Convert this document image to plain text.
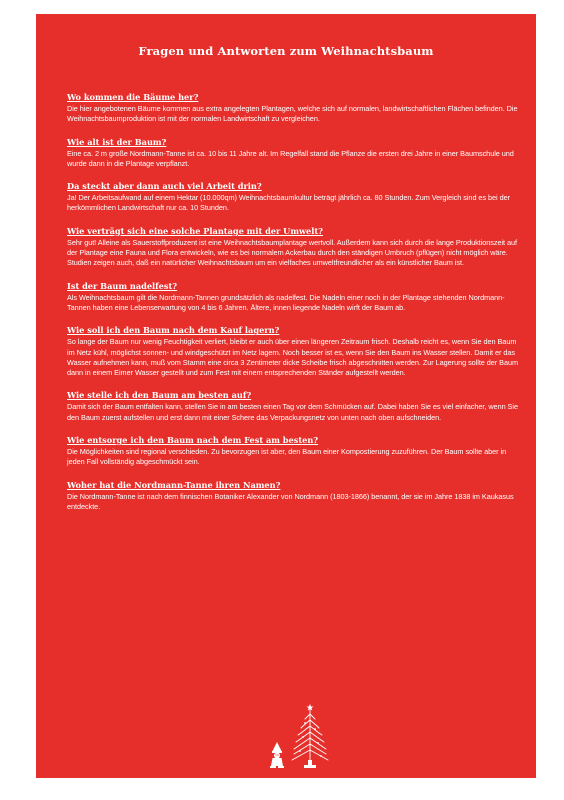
Fragen und Antworten zum Weihnachtsbaum
Wo kommen die Bäume her?

Die hier angebotenen Bäume kommen aus extra angelegten Plantagen, welche sich auf normalen, landwirtschaftlichen Flächen befinden. Die Weihnachtsbaumproduktion ist mit der normalen Landwirtschaft zu vergleichen.

Wie alt ist der Baum?

Eine ca. 2 m große Nordmann-Tanne ist ca. 10 bis 11 Jahre alt. Im Regelfall stand die Pflanze die ersten drei Jahre in einer Baumschule und wurde dann in die Plantage verpflanzt.

Da steckt aber dann auch viel Arbeit drin?

Ja! Der Arbeitsaufwand auf einem Hektar (10.000qm) Weihnachtsbaumkultur beträgt jährlich ca. 80 Stunden. Zum Vergleich sind es bei der herkömmlichen Landwirtschaft nur ca. 10 Stunden.

Wie verträgt sich eine solche Plantage mit der Umwelt?

Sehr gut! Alleine als Sauerstoffproduzent ist eine Weihnachtsbaumplantage wertvoll. Außerdem kann sich durch die lange Produktionszeit auf der Plantage eine Fauna und Flora entwickeln, wie es bei normalem Ackerbau durch den ständigen Umbruch (pflügen) nicht möglich wäre. Studien zeigen auch, daß ein natürlicher Weihnachtsbaum um ein vielfaches umweltfreundlicher als ein künstlicher Baum ist.

Ist der Baum nadelfest?

Als Weihnachtsbaum gilt die Nordmann-Tannen grundsätzlich als nadelfest. Die Nadeln einer noch in der Plantage stehenden Nordmann-Tannen haben eine Lebenserwartung von 4 bis 6 Jahren. Ältere, innen liegende Nadeln wirft der Baum ab.

Wie soll ich den Baum nach dem Kauf lagern?

So lange der Baum nur wenig Feuchtigkeit verliert, bleibt er auch über einen längeren Zeitraum frisch. Deshalb reicht es, wenn Sie den Baum im Netz kühl, möglichst sonnen- und windgeschützt im Netz lagern. Noch besser ist es, wenn Sie den Baum ins Wasser stellen. Damit er das Wasser aufnehmen kann, muß vom Stamm eine circa 3 Zentimeter dicke Scheibe frisch abgeschnitten werden. Zur Lagerung sollte der Baum dann in einem Eimer Wasser gestellt und zum Fest mit einem entsprechenden Ständer aufgestellt werden.

Wie stelle ich den Baum am besten auf?

Damit sich der Baum entfalten kann, stellen Sie in am besten einen Tag vor dem Schmücken auf. Dabei haben Sie es viel einfacher, wenn Sie den Baum zuerst aufstellen und erst dann mit einer Schere das Verpackungsnetz von unten nach oben aufschneiden.

Wie entsorge ich den Baum nach dem Fest am besten?

Die Möglichkeiten sind regional verschieden. Zu bevorzugen ist aber, den Baum einer Kompostierung zuzuführen. Der Baum sollte aber in jeden Fall vollständig abgeschmückt sein.

Woher hat die Nordmann-Tanne ihren Namen?

Die Nordmann-Tanne ist nach dem finnischen Botaniker Alexander von Nordmann (1803-1866) benannt, der sie im Jahre 1838 im Kaukasus entdeckte.
